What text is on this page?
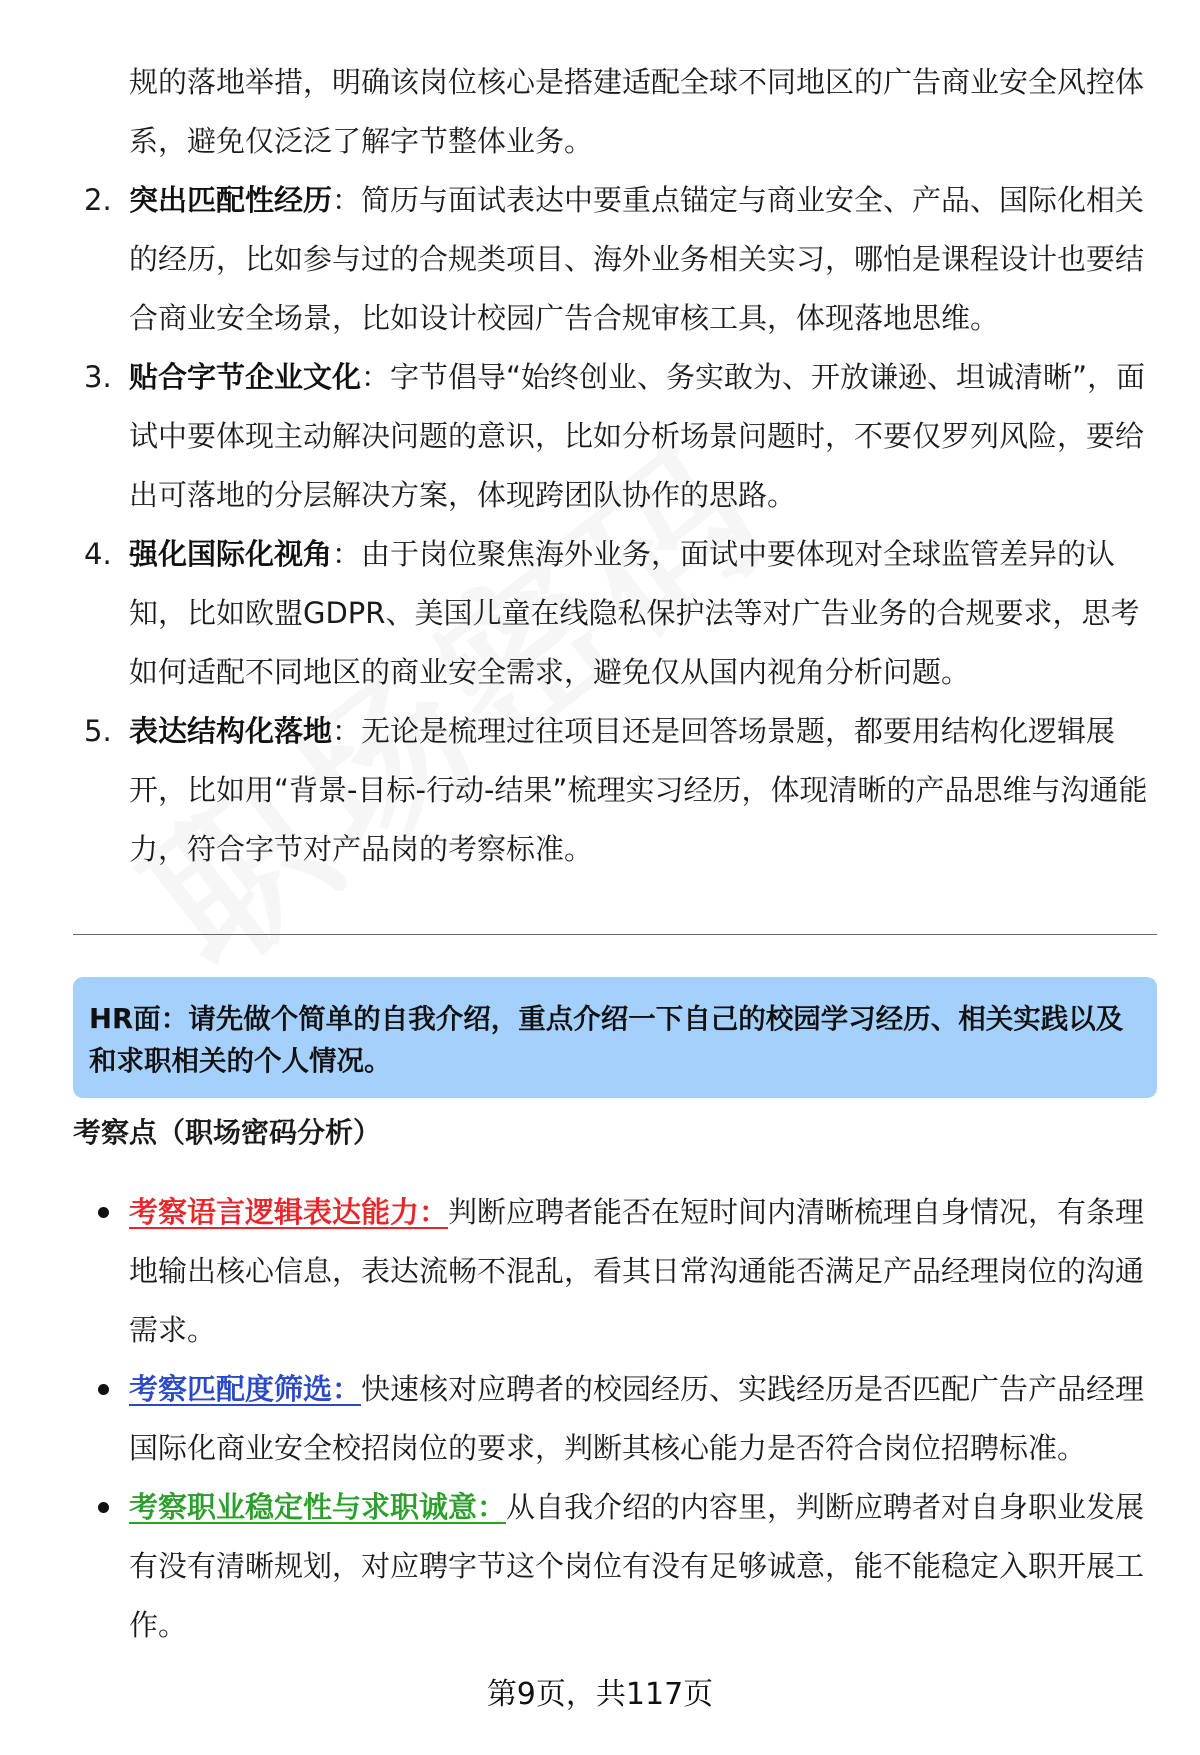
规的落地举措，明确该岗位核心是搭建适配全球不同地区的广告商业安全风控体系，避免仅泛泛了解字节整体业务。
2. 突出匹配性经历：简历与面试表达中要重点锚定与商业安全、产品、国际化相关的经历，比如参与过的合规类项目、海外业务相关实习，哪怕是课程设计也要结合商业安全场景，比如设计校园广告合规审核工具，体现落地思维。
3. 贴合字节企业文化：字节倡导“始终创业、务实敢为、开放谦逊、坦诚清晰”，面试中要体现主动解决问题的意识，比如分析场景问题时，不要仅罗列风险，要给出可落地的分层解决方案，体现跨团队协作的思路。
4. 强化国际化视角：由于岗位聚焦海外业务，面试中要体现对全球监管差异的认知，比如欧盟GDPR、美国儿童在线隐私保护法等对广告业务的合规要求，思考如何适配不同地区的商业安全需求，避免仅从国内视角分析问题。
5. 表达结构化落地：无论是梳理过往项目还是回答场景题，都要用结构化逻辑展开，比如用“背景-目标-行动-结果”梳理实习经历，体现清晰的产品思维与沟通能力，符合字节对产品岗的考察标准。
HR面：请先做个简单的自我介绍，重点介绍一下自己的校园学习经历、相关实践以及和求职相关的个人情况。
考察点（职场密码分析）
考察语言逻辑表达能力：判断应聘者能否在短时间内清晰梳理自身情况，有条理地输出核心信息，表达流畅不混乱，看其日常沟通能否满足产品经理岗位的沟通需求。
考察匹配度筛选：快速核对应聘者的校园经历、实践经历是否匹配广告产品经理国际化商业安全校招岗位的要求，判断其核心能力是否符合岗位招聘标准。
考察职业稳定性与求职诚意：从自我介绍的内容里，判断应聘者对自身职业发展有没有清晰规划，对应聘字节这个岗位有没有足够诚意，能不能稳定入职开展工作。
第9页，共117页
